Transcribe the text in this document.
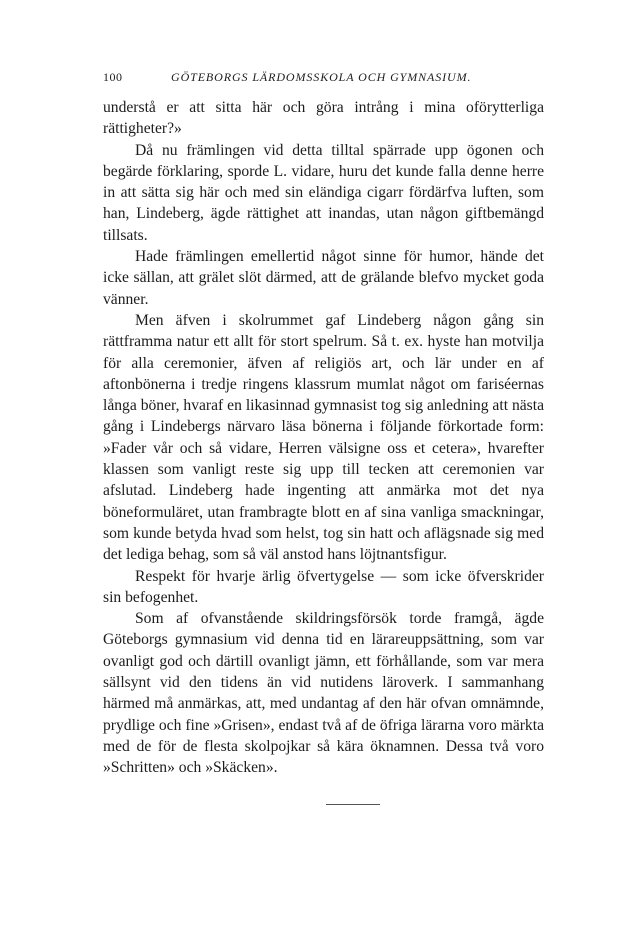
100	GÖTEBORGS LÄRDOMSSKOLA OCH GYMNASIUM.

understå er att sitta här och göra intrång i mina oförytterliga rättigheter?»

Då nu främlingen vid detta tilltal spärrade upp ögonen och begärde förklaring, sporde L. vidare, huru det kunde falla denne herre in att sätta sig här och med sin eländiga cigarr fördärfva luften, som han, Lindeberg, ägde rättighet att inandas, utan någon giftbemängd tillsats.

Hade främlingen emellertid något sinne för humor, hände det icke sällan, att grälet slöt därmed, att de grälande blefvo mycket goda vänner.

Men äfven i skolrummet gaf Lindeberg någon gång sin rättframma natur ett allt för stort spelrum. Så t. ex. hyste han motvilja för alla ceremonier, äfven af religiös art, och lär under en af aftonbönerna i tredje ringens klassrum mumlat något om fariséernas långa böner, hvaraf en likasinnad gymnasist tog sig anledning att nästa gång i Lindebergs närvaro läsa bönerna i följande förkortade form: »Fader vår och så vidare, Herren välsigne oss et cetera», hvarefter klassen som vanligt reste sig upp till tecken att ceremonien var afslutad. Lindeberg hade ingenting att anmärka mot det nya böneformuläret, utan frambragte blott en af sina vanliga smackningar, som kunde betyda hvad som helst, tog sin hatt och aflägsnade sig med det lediga behag, som så väl anstod hans löjtnantsfigur.

Respekt för hvarje ärlig öfvertygelse — som icke öfverskrider sin befogenhet.

Som af ofvanstående skildringsförsök torde framgå, ägde Göteborgs gymnasium vid denna tid en lärareuppsättning, som var ovanligt god och därtill ovanligt jämn, ett förhållande, som var mera sällsynt vid den tidens än vid nutidens läroverk. I sammanhang härmed må anmärkas, att, med undantag af den här ofvan omnämnde, prydlige och fine »Grisen», endast två af de öfriga lärarna voro märkta med de för de flesta skolpojkar så kära öknamnen. Dessa två voro »Schritten» och »Skäcken».
